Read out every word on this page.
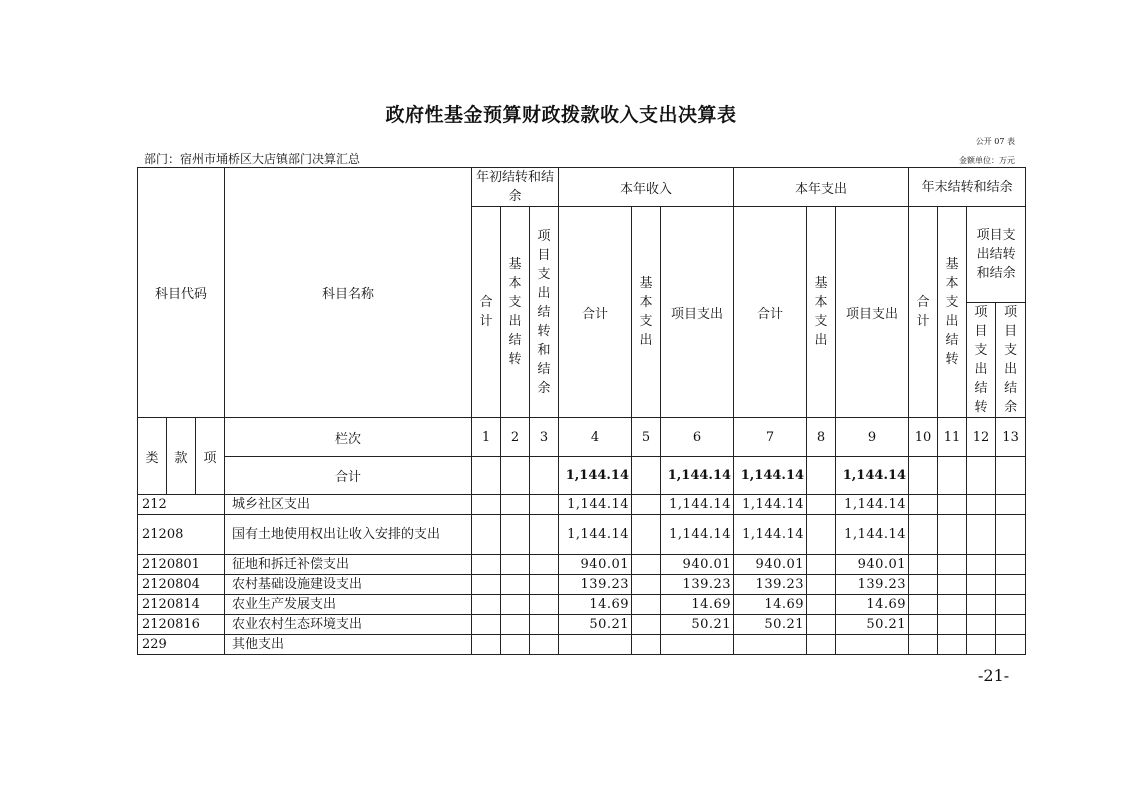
政府性基金预算财政拨款收入支出决算表
公开 07 表
部门：宿州市埇桥区大店镇部门决算汇总	金额单位：万元
科目代码			科目名称	年初结转和结余			本年收入			本年支出			年末结转和结余			
				合计	基本支出结转	项目支出结转和结余	合计	基本支出	项目支出	合计	基本支出	项目支出	合计	基本支出结转	项目支出结转和结余	
															项目支出结转	项目支出结余
类	款	项	栏次	1	2	3	4	5	6	7	8	9	10	11	12	13
			合计				1,144.14		1,144.14	1,144.14		1,144.14				
212			城乡社区支出				1,144.14		1,144.14	1,144.14		1,144.14				
21208			国有土地使用权出让收入安排的支出				1,144.14		1,144.14	1,144.14		1,144.14				
2120801			征地和拆迁补偿支出				940.01		940.01	940.01		940.01				
2120804			农村基础设施建设支出				139.23		139.23	139.23		139.23				
2120814			农业生产发展支出				14.69		14.69	14.69		14.69				
2120816			农业农村生态环境支出				50.21		50.21	50.21		50.21				
229			其他支出													
-21-
